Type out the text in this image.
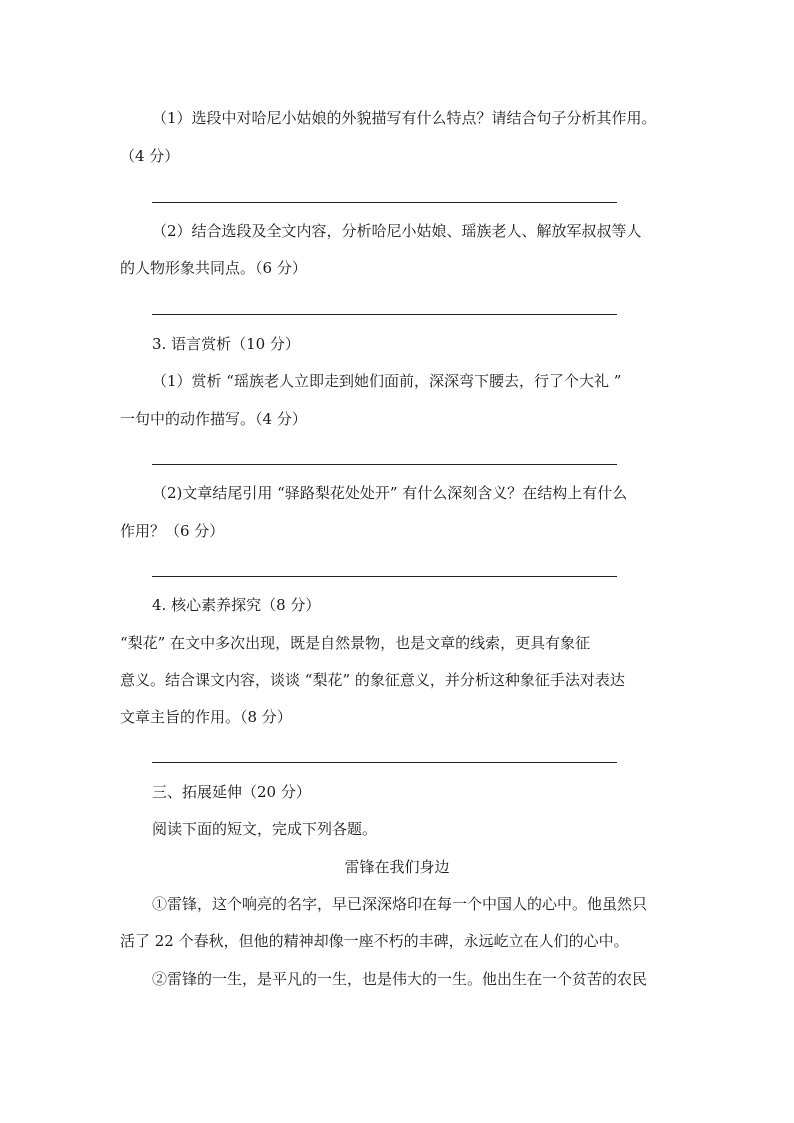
（1）选段中对哈尼小姑娘的外貌描写有什么特点？请结合句子分析其作用。
（4 分）
（2）结合选段及全文内容，分析哈尼小姑娘、瑶族老人、解放军叔叔等人
的人物形象共同点。（6 分）
3. 语言赏析（10 分）
（1）赏析 “瑶族老人立即走到她们面前，深深弯下腰去，行了个大礼 ”
一句中的动作描写。（4 分）
（2)文章结尾引用 “驿路梨花处处开” 有什么深刻含义？在结构上有什么
作用？（6 分）
4. 核心素养探究（8 分）
“梨花” 在文中多次出现，既是自然景物，也是文章的线索，更具有象征
意义。结合课文内容，谈谈 “梨花” 的象征意义，并分析这种象征手法对表达
文章主旨的作用。（8 分）
三、拓展延伸（20 分）
阅读下面的短文，完成下列各题。
雷锋在我们身边
①雷锋，这个响亮的名字，早已深深烙印在每一个中国人的心中。他虽然只
活了 22 个春秋，但他的精神却像一座不朽的丰碑，永远屹立在人们的心中。
②雷锋的一生，是平凡的一生，也是伟大的一生。他出生在一个贫苦的农民
